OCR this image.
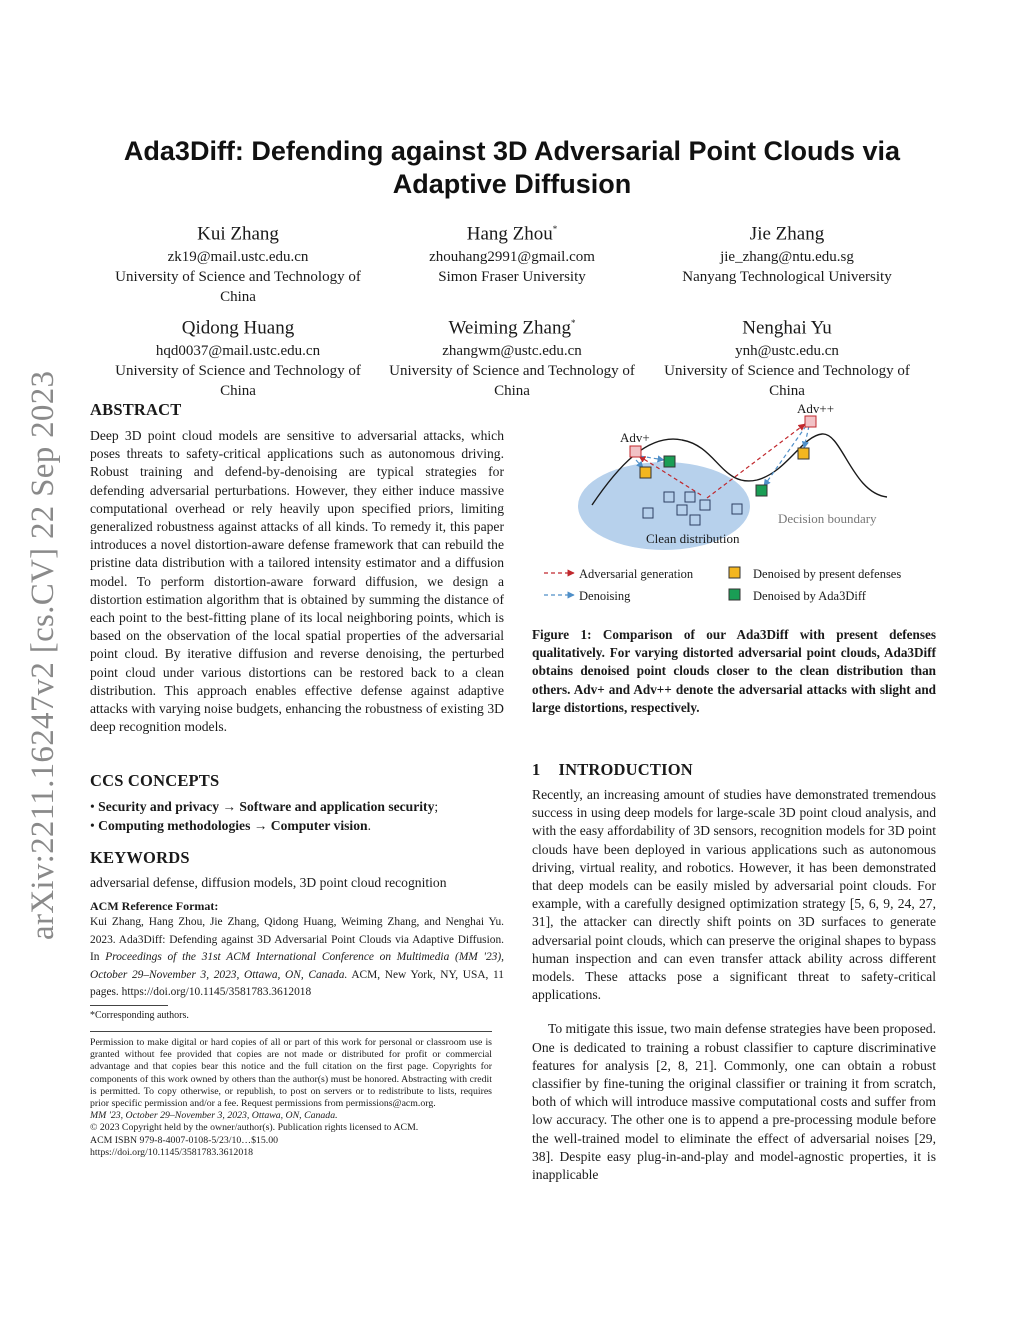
arXiv:2211.16247v2 [cs.CV] 22 Sep 2023
Ada3Diff: Defending against 3D Adversarial Point Clouds via Adaptive Diffusion
Kui Zhang
zk19@mail.ustc.edu.cn
University of Science and Technology of China
Hang Zhou*
zhouhang2991@gmail.com
Simon Fraser University
Jie Zhang
jie_zhang@ntu.edu.sg
Nanyang Technological University
Qidong Huang
hqd0037@mail.ustc.edu.cn
University of Science and Technology of China
Weiming Zhang*
zhangwm@ustc.edu.cn
University of Science and Technology of China
Nenghai Yu
ynh@ustc.edu.cn
University of Science and Technology of China
ABSTRACT

Deep 3D point cloud models are sensitive to adversarial attacks, which poses threats to safety-critical applications such as autonomous driving. Robust training and defend-by-denoising are typical strategies for defending adversarial perturbations. However, they either induce massive computational overhead or rely heavily upon specified priors, limiting generalized robustness against attacks of all kinds. To remedy it, this paper introduces a novel distortion-aware defense framework that can rebuild the pristine data distribution with a tailored intensity estimator and a diffusion model. To perform distortion-aware forward diffusion, we design a distortion estimation algorithm that is obtained by summing the distance of each point to the best-fitting plane of its local neighboring points, which is based on the observation of the local spatial properties of the adversarial point cloud. By iterative diffusion and reverse denoising, the perturbed point cloud under various distortions can be restored back to a clean distribution. This approach enables effective defense against adaptive attacks with varying noise budgets, enhancing the robustness of existing 3D deep recognition models.

CCS CONCEPTS
• Security and privacy → Software and application security;
• Computing methodologies → Computer vision.
KEYWORDS

adversarial defense, diffusion models, 3D point cloud recognition

ACM Reference Format:

Kui Zhang, Hang Zhou, Jie Zhang, Qidong Huang, Weiming Zhang, and Nenghai Yu. 2023. Ada3Diff: Defending against 3D Adversarial Point Clouds via Adaptive Diffusion. In Proceedings of the 31st ACM International Conference on Multimedia (MM '23), October 29–November 3, 2023, Ottawa, ON, Canada. ACM, New York, NY, USA, 11 pages. https://doi.org/10.1145/3581783.3612018

*Corresponding authors.

Permission to make digital or hard copies of all or part of this work for personal or classroom use is granted without fee provided that copies are not made or distributed for profit or commercial advantage and that copies bear this notice and the full citation on the first page. Copyrights for components of this work owned by others than the author(s) must be honored. Abstracting with credit is permitted. To copy otherwise, or republish, to post on servers or to redistribute to lists, requires prior specific permission and/or a fee. Request permissions from permissions@acm.org.

MM '23, October 29–November 3, 2023, Ottawa, ON, Canada.

© 2023 Copyright held by the owner/author(s). Publication rights licensed to ACM.

ACM ISBN 979-8-4007-0108-5/23/10…$15.00

https://doi.org/10.1145/3581783.3612018

Adv+
Adv++
Decision boundary
Clean distribution
Adversarial generation
Denoising
Denoised by present defenses
Denoised by Ada3Diff

Figure 1: Comparison of our Ada3Diff with present defenses qualitatively. For varying distorted adversarial point clouds, Ada3Diff obtains denoised point clouds closer to the clean distribution than others. Adv+ and Adv++ denote the adversarial attacks with slight and large distortions, respectively.

1 INTRODUCTION

Recently, an increasing amount of studies have demonstrated tremendous success in using deep models for large-scale 3D point cloud analysis, and with the easy affordability of 3D sensors, recognition models for 3D point clouds have been deployed in various applications such as autonomous driving, virtual reality, and robotics. However, it has been demonstrated that deep models can be easily misled by adversarial point clouds. For example, with a carefully designed optimization strategy [5, 6, 9, 24, 27, 31], the attacker can directly shift points on 3D surfaces to generate adversarial point clouds, which can preserve the original shapes to bypass human inspection and can even transfer attack ability across different models. These attacks pose a significant threat to safety-critical applications.

To mitigate this issue, two main defense strategies have been proposed. One is dedicated to training a robust classifier to capture discriminative features for analysis [2, 8, 21]. Commonly, one can obtain a robust classifier by fine-tuning the original classifier or training it from scratch, both of which will introduce massive computational costs and suffer from low accuracy. The other one is to append a pre-processing module before the well-trained model to eliminate the effect of adversarial noises [29, 38]. Despite easy plug-in-and-play and model-agnostic properties, it is inapplicable
